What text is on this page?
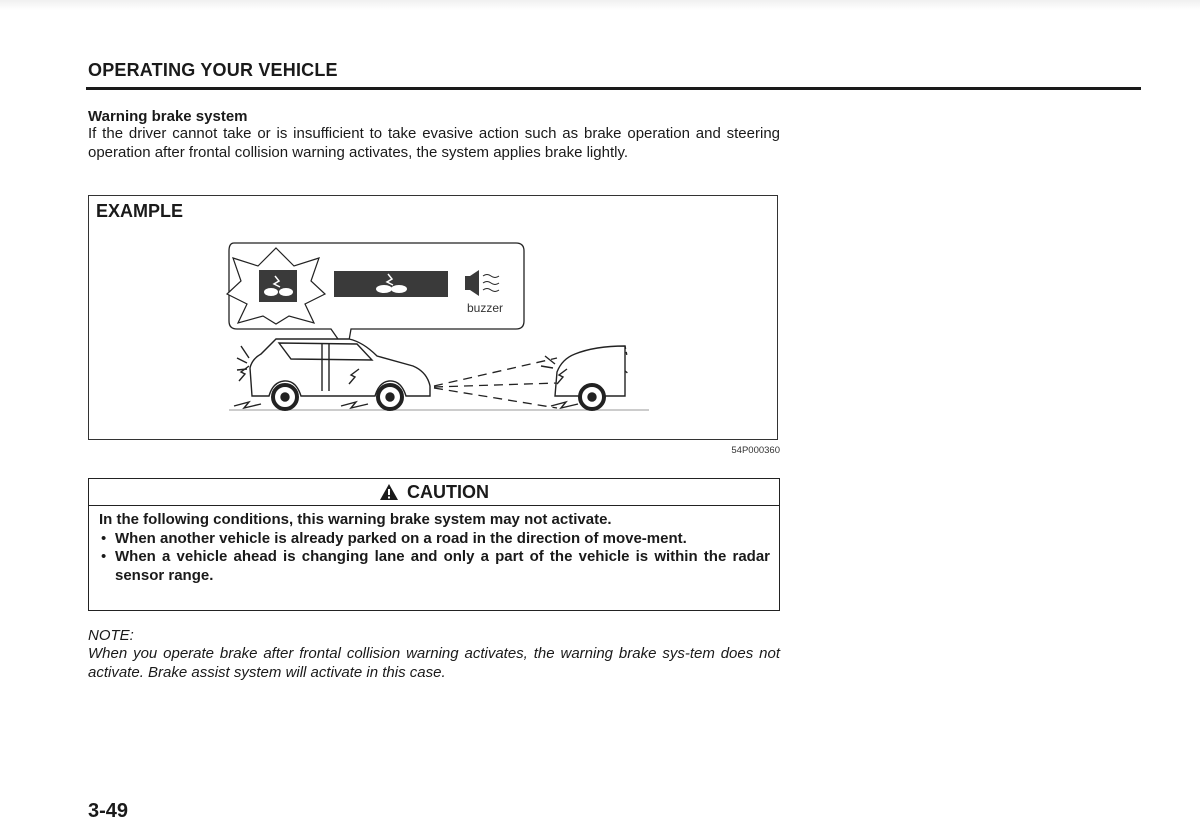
OPERATING YOUR VEHICLE
Warning brake system

If the driver cannot take or is insufficient to take evasive action such as brake operation and steering operation after frontal collision warning activates, the system applies brake lightly.

EXAMPLE
buzzer
54P000360
CAUTION

In the following conditions, this warning brake system may not activate.

• When another vehicle is already parked on a road in the direction of move-ment.
• When a vehicle ahead is changing lane and only a part of the vehicle is within the radar sensor range.

NOTE:

When you operate brake after frontal collision warning activates, the warning brake sys-tem does not activate. Brake assist system will activate in this case.

3-49
